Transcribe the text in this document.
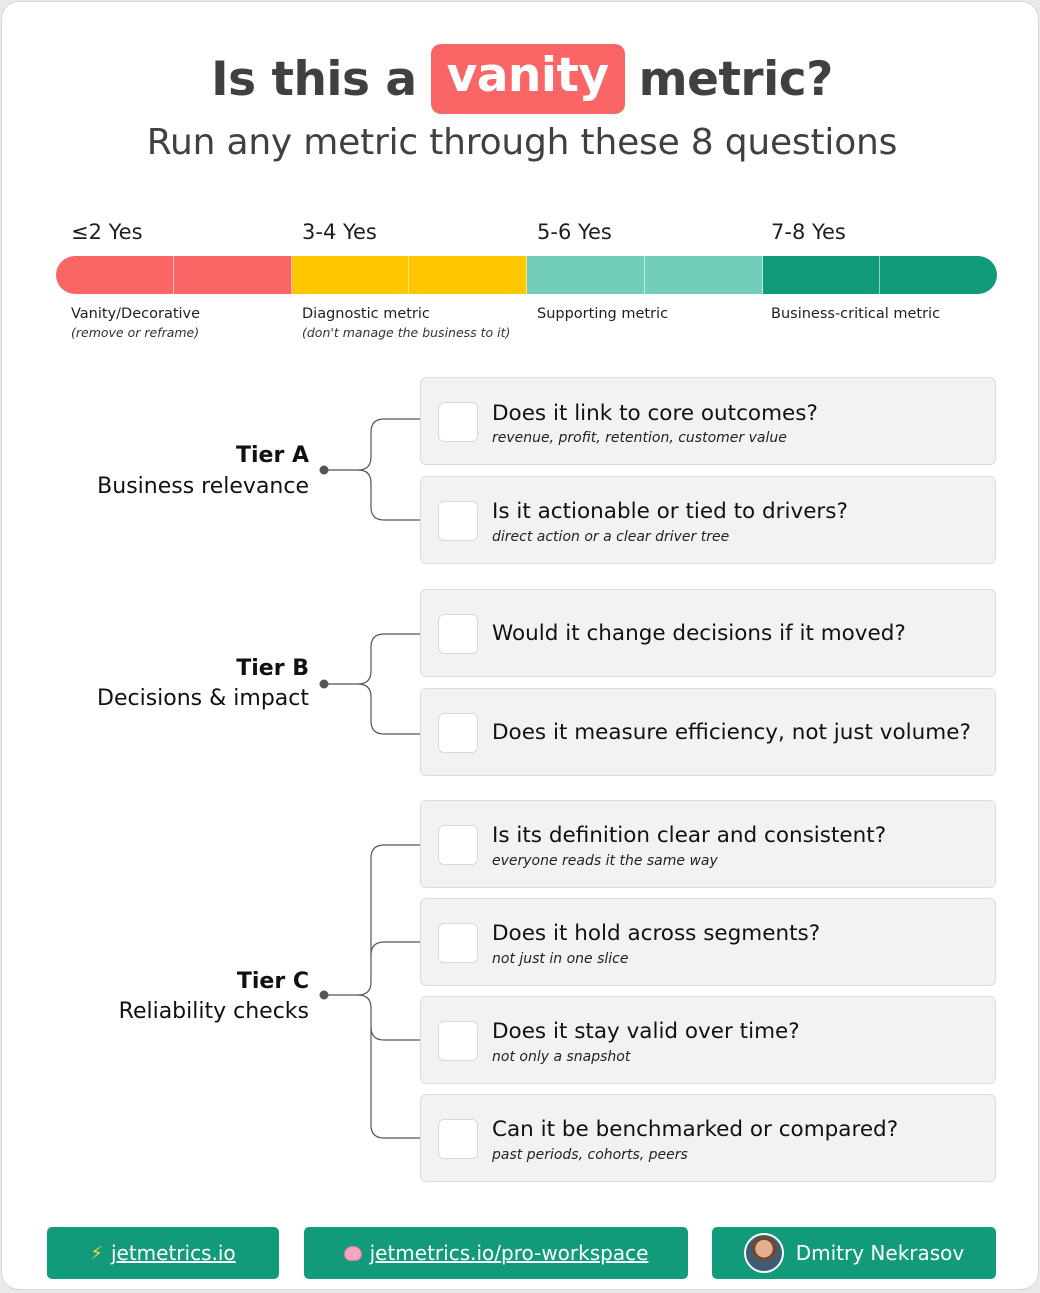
Is this a vanity metric?
Run any metric through these 8 questions
≤2 Yes	3-4 Yes	5-6 Yes	7-8 Yes
Vanity/Decorative
(remove or reframe)
Diagnostic metric
(don't manage the business to it)
Supporting metric	Business-critical metric
Tier A
Business relevance
Does it link to core outcomes?
revenue, profit, retention, customer value
Is it actionable or tied to drivers?
direct action or a clear driver tree
Tier B
Decisions & impact
Would it change decisions if it moved?
Does it measure efficiency, not just volume?
Tier C
Reliability checks
Is its definition clear and consistent?
everyone reads it the same way
Does it hold across segments?
not just in one slice
Does it stay valid over time?
not only a snapshot
Can it be benchmarked or compared?
past periods, cohorts, peers
⚡ jetmetrics.io	jetmetrics.io/pro-workspace	Dmitry Nekrasov
